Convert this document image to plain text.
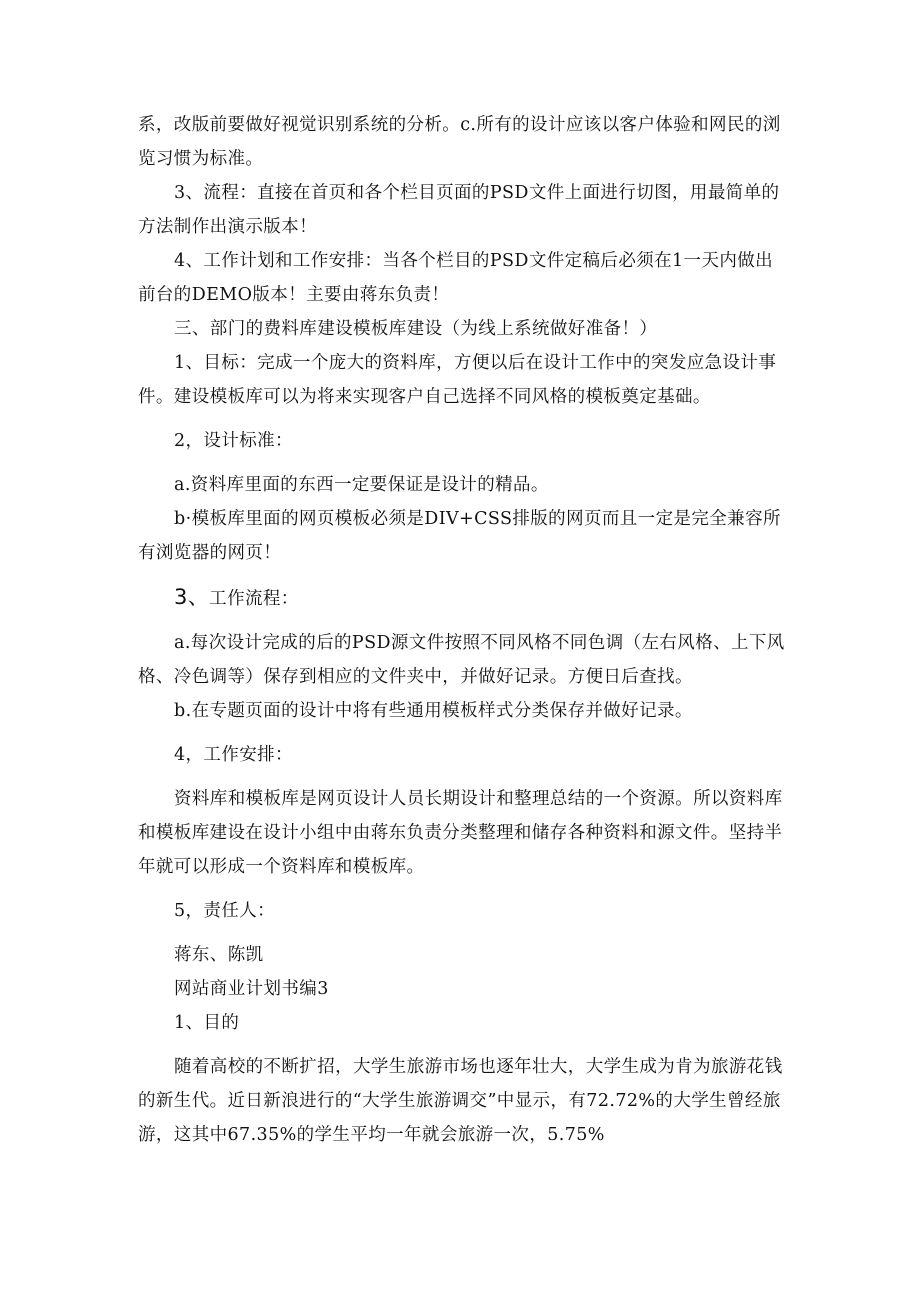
系，改版前要做好视觉识别系统的分析。c.所有的设计应该以客户体验和网民的浏览习惯为标准。

3、流程：直接在首页和各个栏目页面的PSD文件上面进行切图，用最简单的方法制作出演示版本！

4、工作计划和工作安排：当各个栏目的PSD文件定稿后必须在1一天内做出前台的DEMO版本！主要由蒋东负责！

三、部门的费料库建设模板库建设（为线上系统做好准备！）

1、目标：完成一个庞大的资料库，方便以后在设计工作中的突发应急设计事件。建设模板库可以为将来实现客户自己选择不同风格的模板奠定基础。

2，设计标准：

a.资料库里面的东西一定要保证是设计的精品。

b·模板库里面的网页模板必须是DIV+CSS排版的网页而且一定是完全兼容所有浏览器的网页！

3、工作流程：

a.每次设计完成的后的PSD源文件按照不同风格不同色调（左右风格、上下风格、冷色调等）保存到相应的文件夹中，并做好记录。方便日后查找。

b.在专题页面的设计中将有些通用模板样式分类保存并做好记录。

4，工作安排：

资料库和模板库是网页设计人员长期设计和整理总结的一个资源。所以资料库和模板库建设在设计小组中由蒋东负责分类整理和储存各种资料和源文件。坚持半年就可以形成一个资料库和模板库。

5，责任人：

蒋东、陈凯

网站商业计划书编3

1、目的

随着高校的不断扩招，大学生旅游市场也逐年壮大，大学生成为肯为旅游花钱的新生代。近日新浪进行的“大学生旅游调交”中显示，有72.72%的大学生曾经旅游，这其中67.35%的学生平均一年就会旅游一次，5.75%
